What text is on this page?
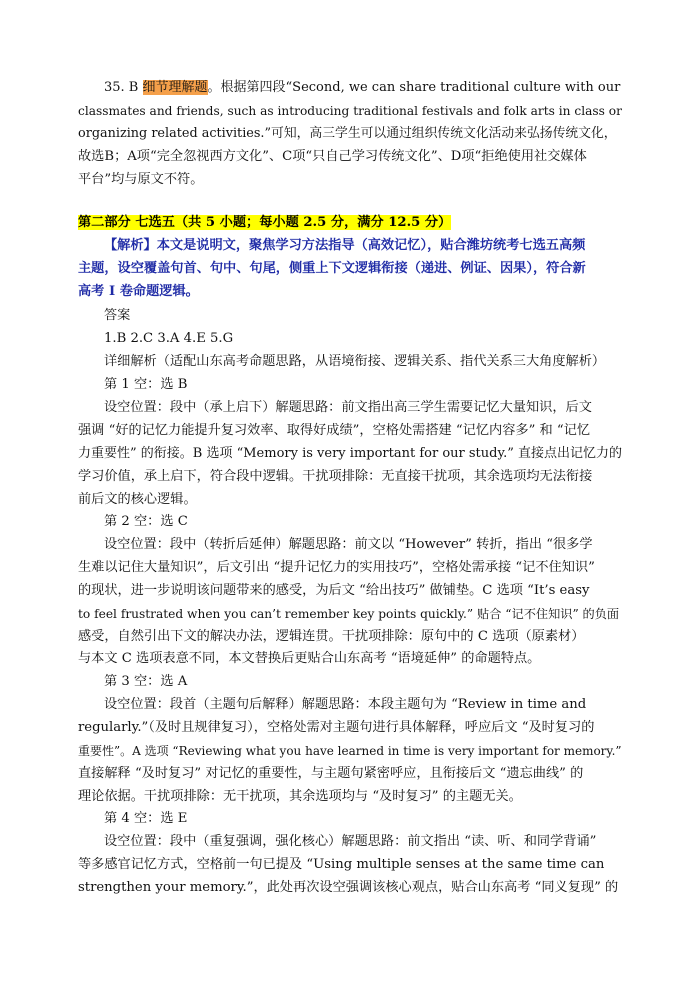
35. B 细节理解题。根据第四段“Second, we can share traditional culture with our
classmates and friends, such as introducing traditional festivals and folk arts in class or
organizing related activities.”可知，高三学生可以通过组织传统文化活动来弘扬传统文化，
故选B；A项“完全忽视西方文化”、C项“只自己学习传统文化”、D项“拒绝使用社交媒体
平台”均与原文不符。
第二部分 七选五（共 5 小题；每小题 2.5 分，满分 12.5 分）
【解析】本文是说明文，聚焦学习方法指导（高效记忆），贴合潍坊统考七选五高频
主题，设空覆盖句首、句中、句尾，侧重上下文逻辑衔接（递进、例证、因果），符合新
高考 I 卷命题逻辑。
答案
1.B 2.C 3.A 4.E 5.G
详细解析（适配山东高考命题思路，从语境衔接、逻辑关系、指代关系三大角度解析）
第 1 空：选 B
设空位置：段中（承上启下）解题思路：前文指出高三学生需要记忆大量知识，后文
强调 “好的记忆力能提升复习效率、取得好成绩”，空格处需搭建 “记忆内容多” 和 “记忆
力重要性” 的衔接。B 选项 “Memory is very important for our study.” 直接点出记忆力的
学习价值，承上启下，符合段中逻辑。干扰项排除：无直接干扰项，其余选项均无法衔接
前后文的核心逻辑。
第 2 空：选 C
设空位置：段中（转折后延伸）解题思路：前文以 “However” 转折，指出 “很多学
生难以记住大量知识”，后文引出 “提升记忆力的实用技巧”，空格处需承接 “记不住知识”
的现状，进一步说明该问题带来的感受，为后文 “给出技巧” 做铺垫。C 选项 “It’s easy
to feel frustrated when you can’t remember key points quickly.” 贴合 “记不住知识” 的负面
感受，自然引出下文的解决办法，逻辑连贯。干扰项排除：原句中的 C 选项（原素材）
与本文 C 选项表意不同，本文替换后更贴合山东高考 “语境延伸” 的命题特点。
第 3 空：选 A
设空位置：段首（主题句后解释）解题思路：本段主题句为 “Review in time and
regularly.”（及时且规律复习），空格处需对主题句进行具体解释，呼应后文 “及时复习的
重要性”。A 选项 “Reviewing what you have learned in time is very important for memory.”
直接解释 “及时复习” 对记忆的重要性，与主题句紧密呼应，且衔接后文 “遗忘曲线” 的
理论依据。干扰项排除：无干扰项，其余选项均与 “及时复习” 的主题无关。
第 4 空：选 E
设空位置：段中（重复强调，强化核心）解题思路：前文指出 “读、听、和同学背诵”
等多感官记忆方式，空格前一句已提及 “Using multiple senses at the same time can
strengthen your memory.”，此处再次设空强调该核心观点，贴合山东高考 “同义复现” 的
